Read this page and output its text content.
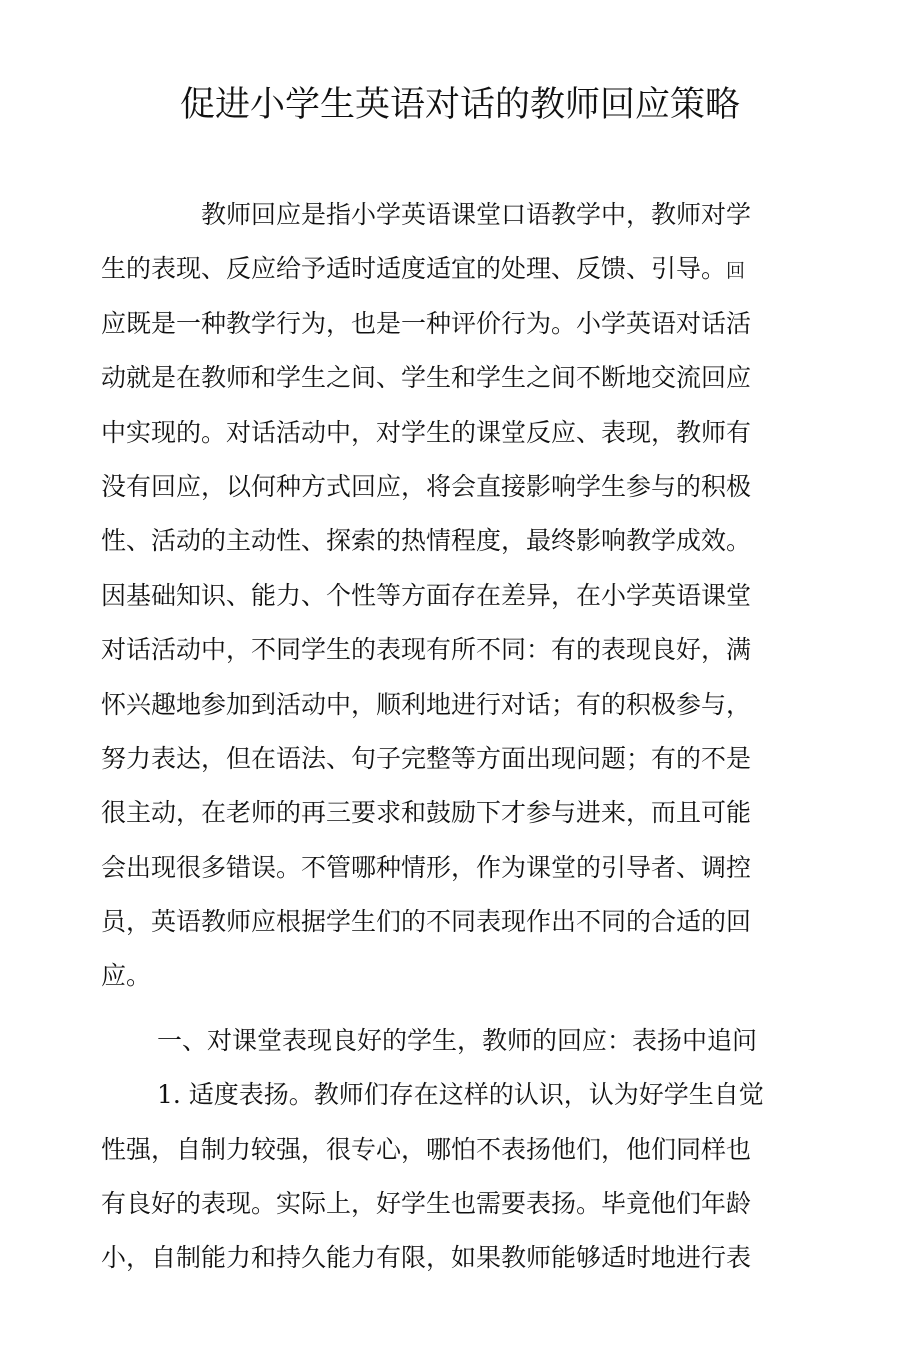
促进小学生英语对话的教师回应策略
教师回应是指小学英语课堂口语教学中，教师对学
生的表现、反应给予适时适度适宜的处理、反馈、引导。回
应既是一种教学行为，也是一种评价行为。小学英语对话活
动就是在教师和学生之间、学生和学生之间不断地交流回应
中实现的。对话活动中，对学生的课堂反应、表现，教师有
没有回应，以何种方式回应，将会直接影响学生参与的积极
性、活动的主动性、探索的热情程度，最终影响教学成效。
因基础知识、能力、个性等方面存在差异，在小学英语课堂
对话活动中，不同学生的表现有所不同：有的表现良好，满
怀兴趣地参加到活动中，顺利地进行对话；有的积极参与，
努力表达，但在语法、句子完整等方面出现问题；有的不是
很主动，在老师的再三要求和鼓励下才参与进来，而且可能
会出现很多错误。不管哪种情形，作为课堂的引导者、调控
员，英语教师应根据学生们的不同表现作出不同的合适的回
应。
一、对课堂表现良好的学生，教师的回应：表扬中追问
1. 适度表扬。教师们存在这样的认识，认为好学生自觉
性强，自制力较强，很专心，哪怕不表扬他们，他们同样也
有良好的表现。实际上，好学生也需要表扬。毕竟他们年龄
小，自制能力和持久能力有限，如果教师能够适时地进行表
